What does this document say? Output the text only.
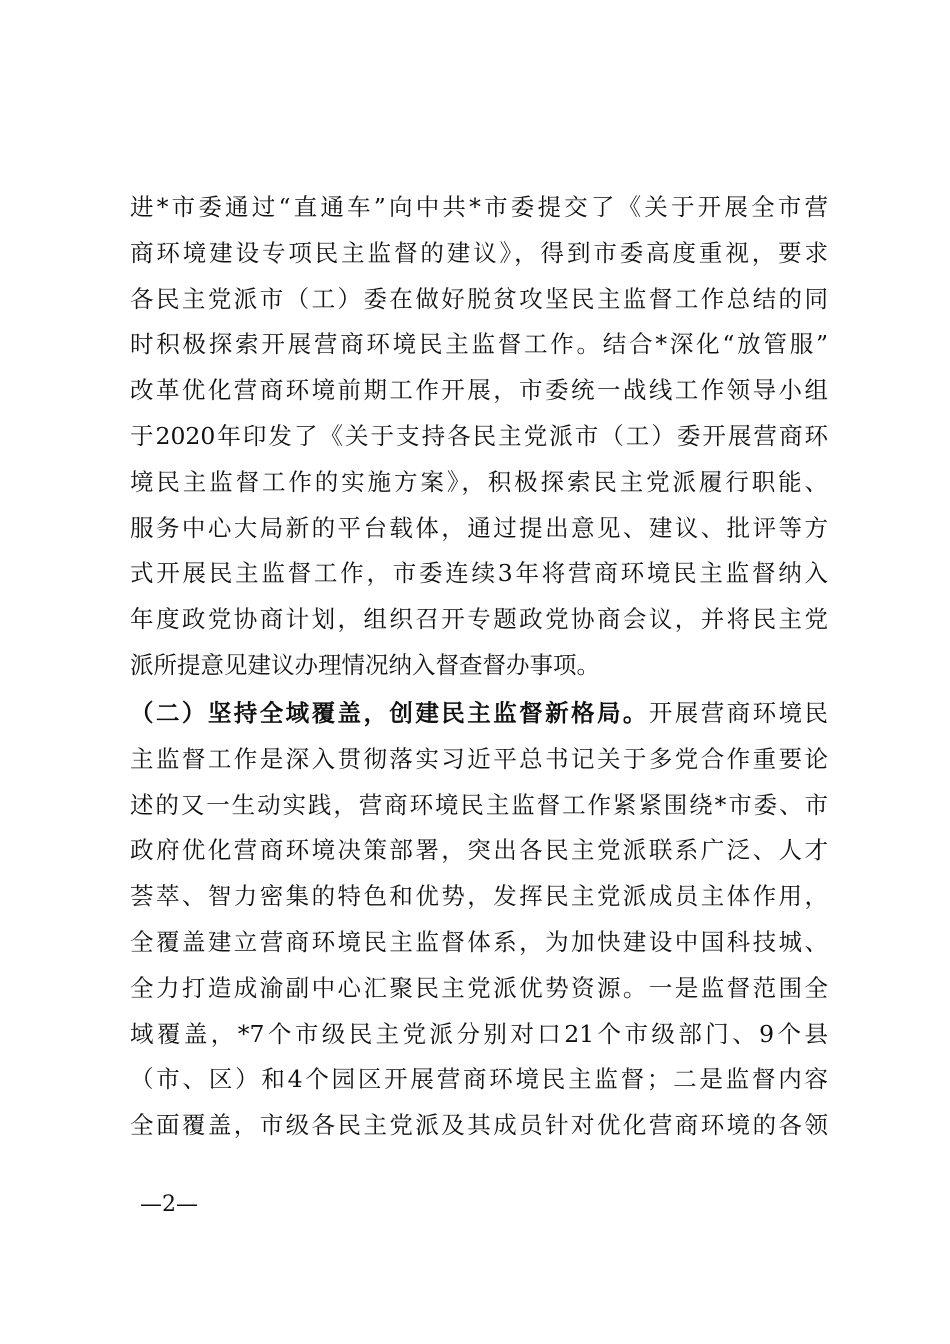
进*市委通过“直通车”向中共*市委提交了《关于开展全市营
商环境建设专项民主监督的建议》，得到市委高度重视，要求
各民主党派市（工）委在做好脱贫攻坚民主监督工作总结的同
时积极探索开展营商环境民主监督工作。结合*深化“放管服”
改革优化营商环境前期工作开展，市委统一战线工作领导小组
于2020年印发了《关于支持各民主党派市（工）委开展营商环
境民主监督工作的实施方案》，积极探索民主党派履行职能、
服务中心大局新的平台载体，通过提出意见、建议、批评等方
式开展民主监督工作，市委连续3年将营商环境民主监督纳入
年度政党协商计划，组织召开专题政党协商会议，并将民主党
派所提意见建议办理情况纳入督查督办事项。
（二）坚持全域覆盖，创建民主监督新格局。开展营商环境民
主监督工作是深入贯彻落实习近平总书记关于多党合作重要论
述的又一生动实践，营商环境民主监督工作紧紧围绕*市委、市
政府优化营商环境决策部署，突出各民主党派联系广泛、人才
荟萃、智力密集的特色和优势，发挥民主党派成员主体作用，
全覆盖建立营商环境民主监督体系，为加快建设中国科技城、
全力打造成渝副中心汇聚民主党派优势资源。一是监督范围全
域覆盖，*7个市级民主党派分别对口21个市级部门、9个县
（市、区）和4个园区开展营商环境民主监督；二是监督内容
全面覆盖，市级各民主党派及其成员针对优化营商环境的各领
—2—
